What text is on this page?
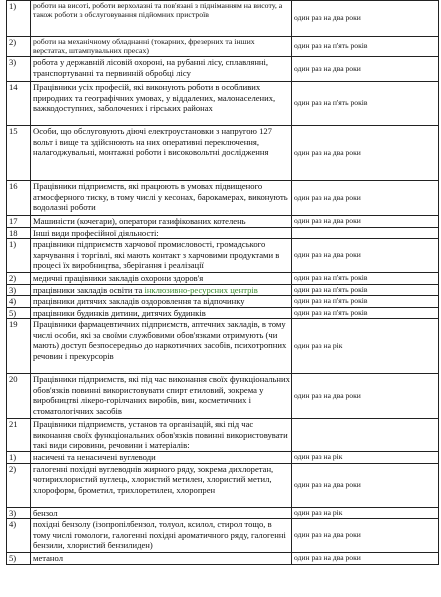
1)	роботи на висоті, роботи верхолазні та пов'язані з підніманням на висоту, а також роботи з обслуговування підйомних пристроїв	один раз на два роки
2)	роботи на механічному обладнанні (токарних, фрезерних та інших верстатах, штампувальних пресах)	один раз на п'ять років
3)	робота у державній лісовій охороні, на рубанні лісу, сплавлянні, транспортуванні та первинній обробці лісу	один раз на два роки
14	Працівники усіх професій, які виконують роботи в особливих природних та географічних умовах, у віддалених, малонаселених, важкодоступних, заболочених і гірських районах	один раз на п'ять років
15	Особи, що обслуговують діючі електроустановки з напругою 127 вольт і вище та здійснюють на них оперативні переключення, налагоджувальні, монтажні роботи і високовольтні дослідження	один раз на два роки
16	Працівники підприємств, які працюють в умовах підвищеного атмосферного тиску, в тому числі у кесонах, барокамерах, виконують водолазні роботи	один раз на два роки
17	Машиністи (кочегари), оператори газифікованих котелень	один раз на два роки
18	Інші види професійної діяльності:	
1)	працівники підприємств харчової промисловості, громадського харчування і торгівлі, які мають контакт з харчовими продуктами в процесі їх виробництва, зберігання і реалізації	один раз на два роки
2)	медичні працівники закладів охорони здоров'я	один раз на п'ять років
3)	працівники закладів освіти та інклюзивно-ресурсних центрів	один раз на п'ять років
4)	працівники дитячих закладів оздоровлення та відпочинку	один раз на п'ять років
5)	працівники будинків дитини, дитячих будинків	один раз на п'ять років
19	Працівники фармацевтичних підприємств, аптечних закладів, в тому числі особи, які за своїми службовими обов'язками отримують (чи мають) доступ безпосередньо до наркотичних засобів, психотропних речовин і прекурсорів	один раз на рік
20	Працівники підприємств, які під час виконання своїх функціональних обов'язків повинні використовувати спирт етиловий, зокрема у виробництві лікеро-горілчаних виробів, вин, косметичних і стоматологічних засобів	один раз на два роки
21	Працівники підприємств, установ та організацій, які під час виконання своїх функціональних обов'язків повинні використовувати такі види сировини, речовини і матеріалів:	
1)	насичені та ненасичені вуглеводи	один раз на рік
2)	галогенні похідні вуглеводнів жирного ряду, зокрема дихлоретан, чотирихлористий вуглець, хлористий метилен, хлористий метил, хлороформ, брометил, трихлоретилен, хлоропрен	один раз на два роки
3)	бензол	один раз на рік
4)	похідні бензолу (ізопропілбензол, толуол, ксилол, стирол тощо, в тому числі гомологи, галогенні похідні ароматичного ряду, галогенні бензили, хлористий бензилиден)	один раз на два роки
5)	метанол	один раз на два роки
